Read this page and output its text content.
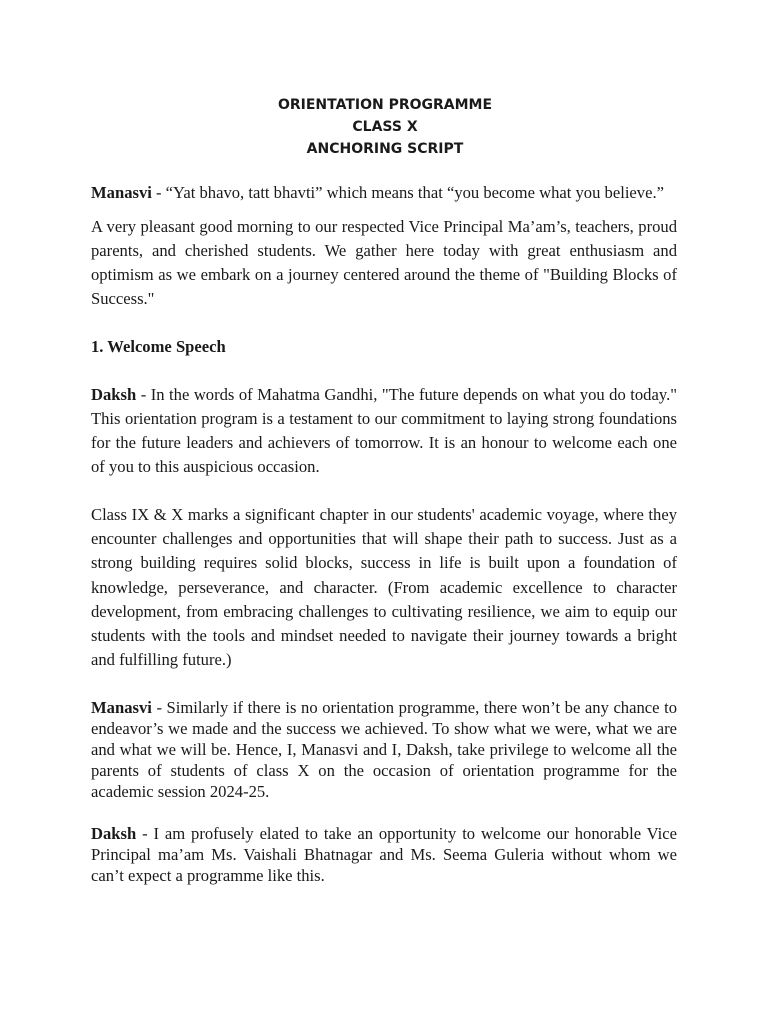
ORIENTATION PROGRAMME
CLASS X
ANCHORING SCRIPT

Manasvi - “Yat bhavo, tatt bhavti” which means that “you become what you believe.”

A very pleasant good morning to our respected Vice Principal Ma’am’s, teachers, proud parents, and cherished students. We gather here today with great enthusiasm and optimism as we embark on a journey centered around the theme of "Building Blocks of Success."

1. Welcome Speech

Daksh - In the words of Mahatma Gandhi, "The future depends on what you do today." This orientation program is a testament to our commitment to laying strong foundations for the future leaders and achievers of tomorrow. It is an honour to welcome each one of you to this auspicious occasion.

Class IX & X marks a significant chapter in our students' academic voyage, where they encounter challenges and opportunities that will shape their path to success. Just as a strong building requires solid blocks, success in life is built upon a foundation of knowledge, perseverance, and character. (From academic excellence to character development, from embracing challenges to cultivating resilience, we aim to equip our students with the tools and mindset needed to navigate their journey towards a bright and fulfilling future.)

Manasvi - Similarly if there is no orientation programme, there won’t be any chance to endeavor’s we made and the success we achieved. To show what we were, what we are and what we will be. Hence, I, Manasvi and I, Daksh, take privilege to welcome all the parents of students of class X on the occasion of orientation programme for the academic session 2024-25.

Daksh - I am profusely elated to take an opportunity to welcome our honorable Vice Principal ma’am Ms. Vaishali Bhatnagar and Ms. Seema Guleria without whom we can’t expect a programme like this.
